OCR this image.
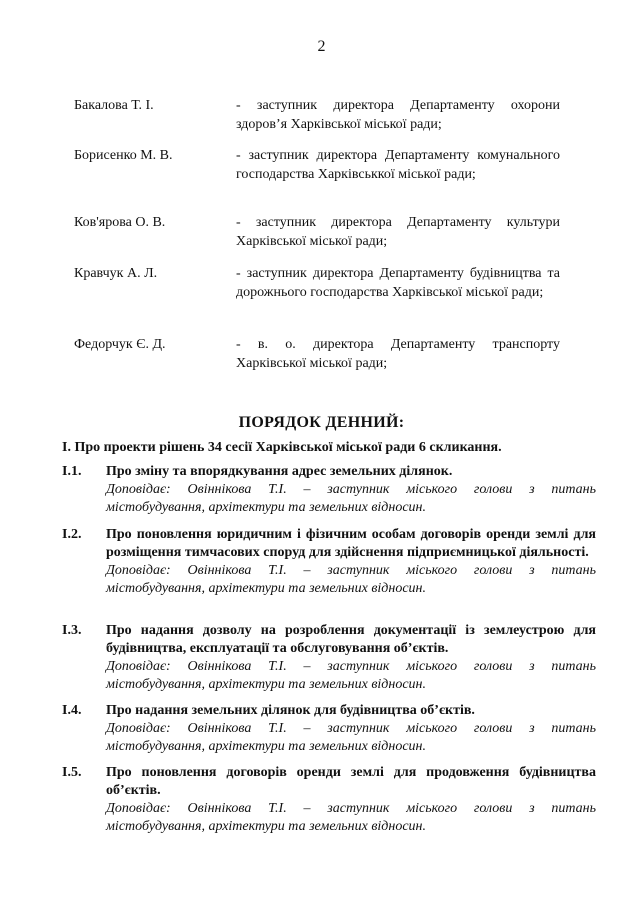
2
Бакалова Т. І.	- заступник директора Департаменту охорони здоров’я Харківської міської ради;
Борисенко М. В.	- заступник директора Департаменту комунального господарства Харківськкої міської ради;
Ков'ярова О. В.	- заступник директора Департаменту культури Харківської міської ради;
Кравчук А. Л.	- заступник директора Департаменту будівництва та дорожнього господарства Харківської міської ради;
Федорчук Є. Д.	- в. о. директора Департаменту транспорту Харківської міської ради;
ПОРЯДОК ДЕННИЙ:
І. Про проекти рішень 34 сесії Харківської міської ради 6 скликання.
І.1. Про зміну та впорядкування адрес земельних ділянок.
Доповідає: Овіннікова Т.І. – заступник міського голови з питань
містобудування, архітектури та земельних відносин.
І.2. Про поновлення юридичним і фізичним особам договорів оренди землі для розміщення тимчасових споруд для здійснення підприємницької діяльності.
Доповідає: Овіннікова Т.І. – заступник міського голови з питань
містобудування, архітектури та земельних відносин.
І.3. Про надання дозволу на розроблення документації із землеустрою для будівництва, експлуатації та обслуговування об’єктів.
Доповідає: Овіннікова Т.І. – заступник міського голови з питань
містобудування, архітектури та земельних відносин.
І.4. Про надання земельних ділянок для будівництва об’єктів.
Доповідає: Овіннікова Т.І. – заступник міського голови з питань
містобудування, архітектури та земельних відносин.
І.5. Про поновлення договорів оренди землі для продовження будівництва об’єктів.
Доповідає: Овіннікова Т.І. – заступник міського голови з питань
містобудування, архітектури та земельних відносин.
